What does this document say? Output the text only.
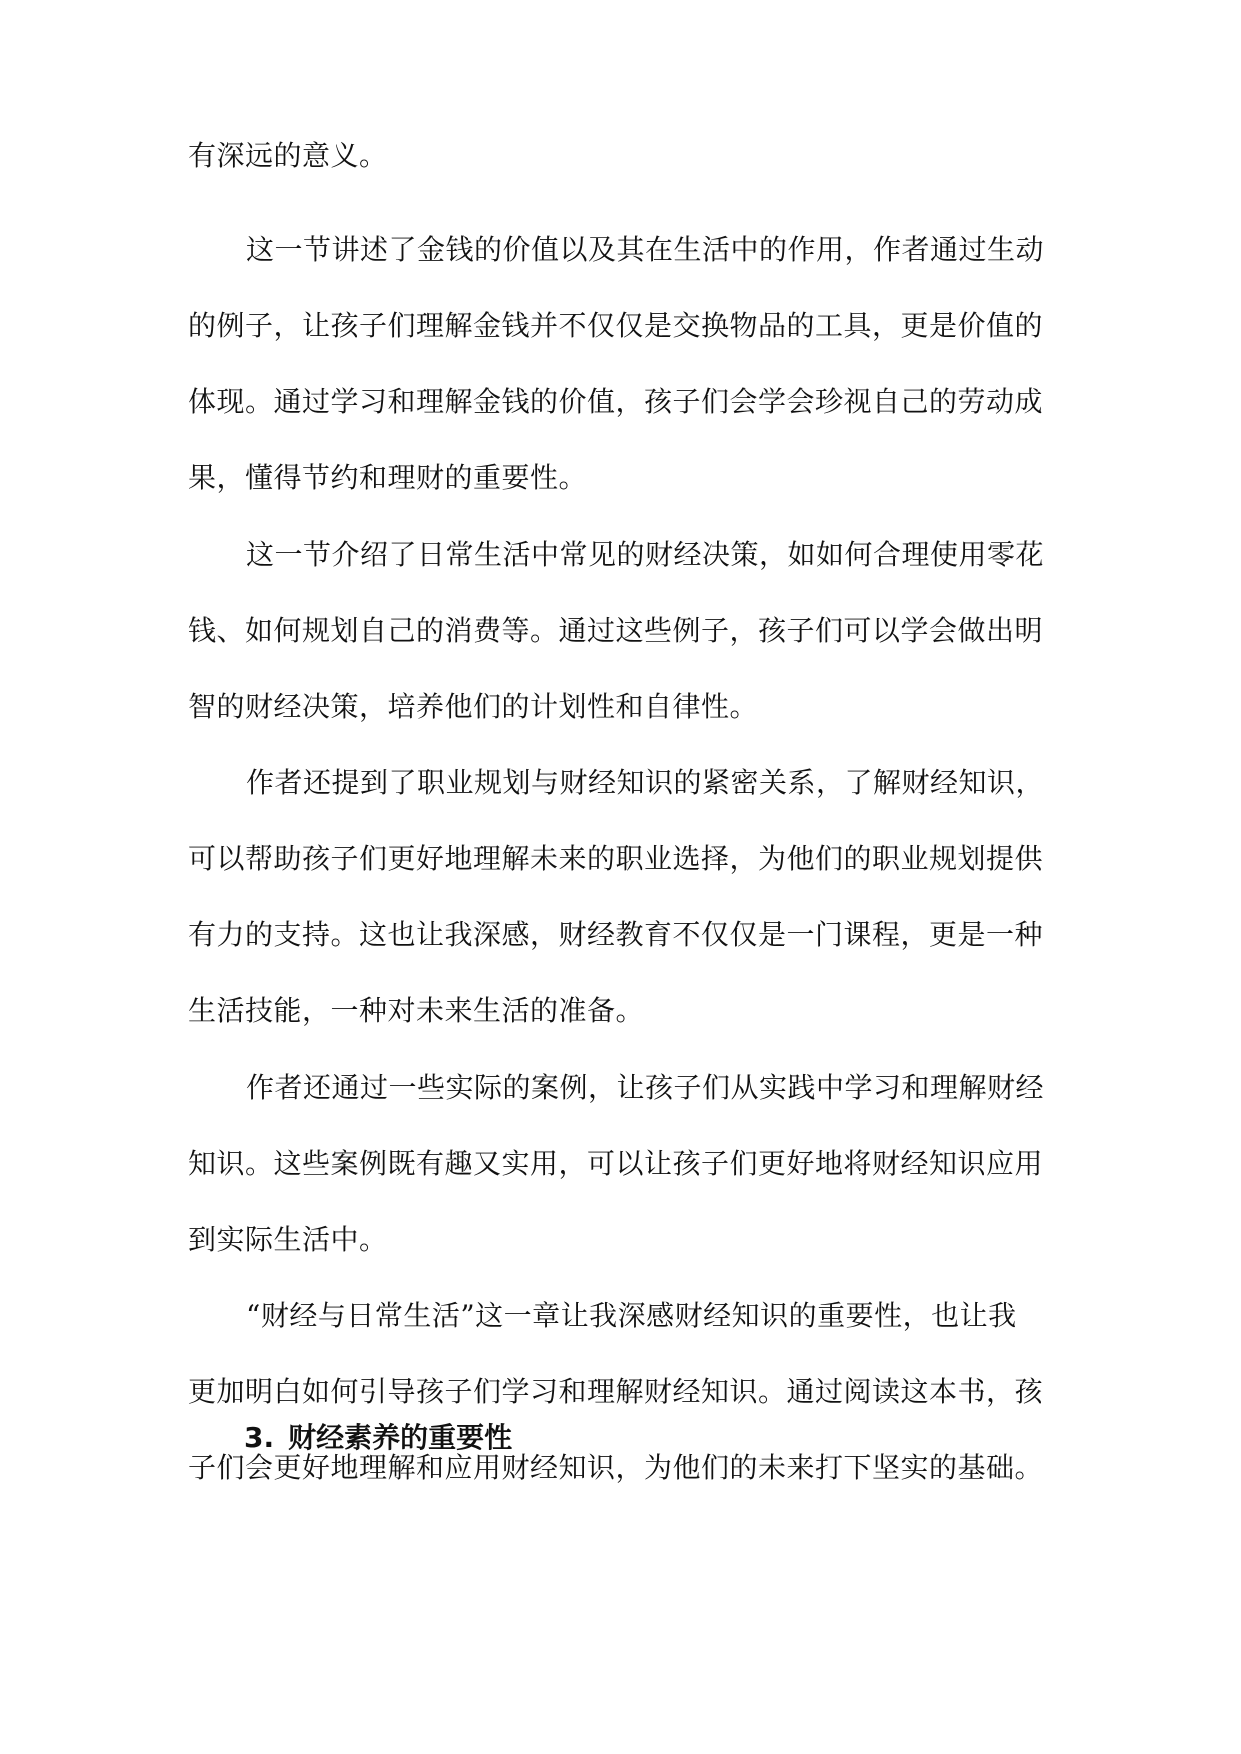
有深远的意义。
这一节讲述了金钱的价值以及其在生活中的作用，作者通过生动
的例子，让孩子们理解金钱并不仅仅是交换物品的工具，更是价值的
体现。通过学习和理解金钱的价值，孩子们会学会珍视自己的劳动成
果，懂得节约和理财的重要性。
这一节介绍了日常生活中常见的财经决策，如如何合理使用零花
钱、如何规划自己的消费等。通过这些例子，孩子们可以学会做出明
智的财经决策，培养他们的计划性和自律性。
作者还提到了职业规划与财经知识的紧密关系，了解财经知识，
可以帮助孩子们更好地理解未来的职业选择，为他们的职业规划提供
有力的支持。这也让我深感，财经教育不仅仅是一门课程，更是一种
生活技能，一种对未来生活的准备。
作者还通过一些实际的案例，让孩子们从实践中学习和理解财经
知识。这些案例既有趣又实用，可以让孩子们更好地将财经知识应用
到实际生活中。
“财经与日常生活”这一章让我深感财经知识的重要性，也让我
更加明白如何引导孩子们学习和理解财经知识。通过阅读这本书，孩
子们会更好地理解和应用财经知识，为他们的未来打下坚实的基础。
3. 财经素养的重要性
